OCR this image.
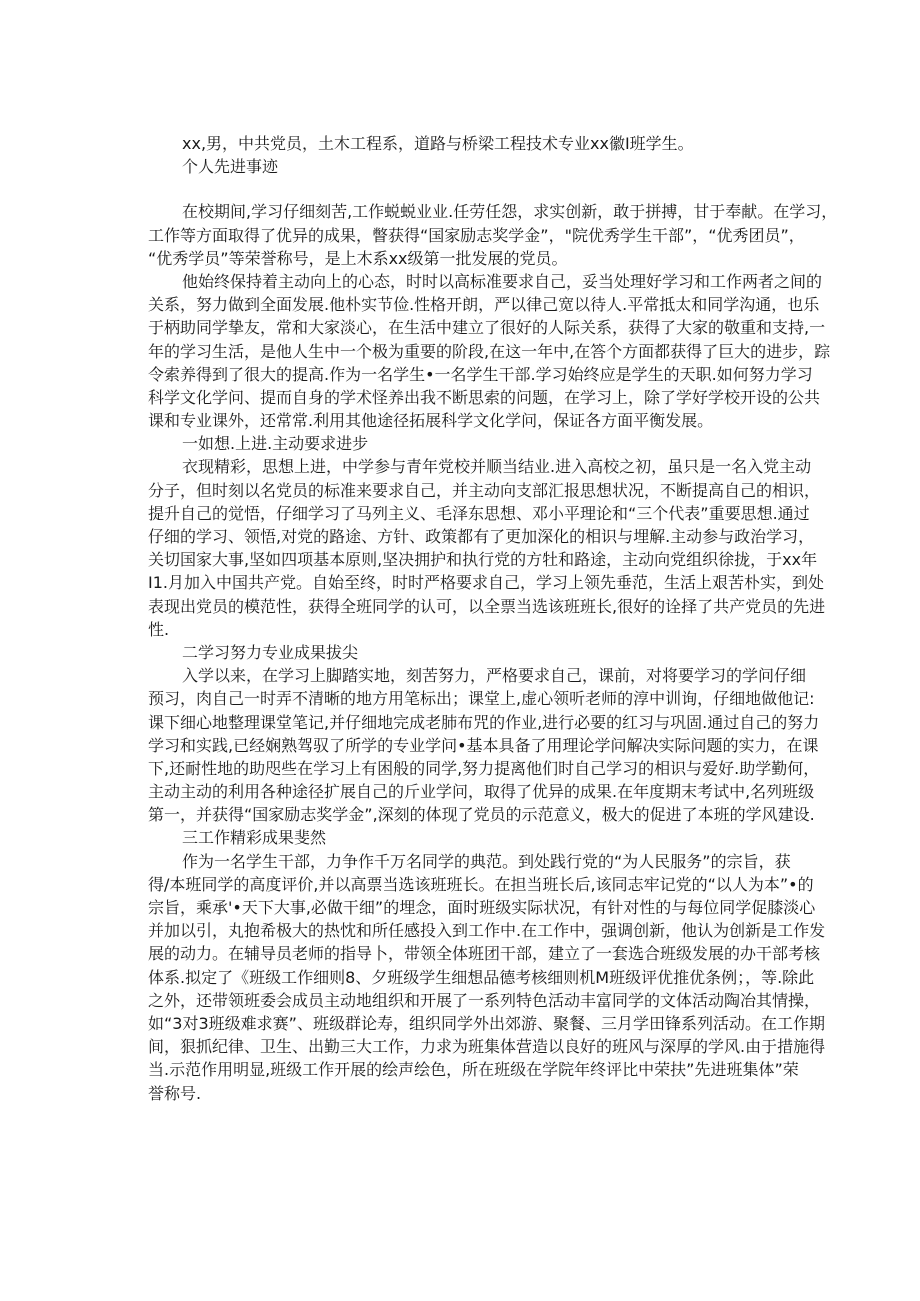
xx,男，中共党员，土木工程系，道路与桥梁工程技术专业xx徽I班学生。
个人先进事迹
在校期间,学习仔细刻苦,工作蜕蜕业业.任劳任怨，求实创新，敢于拼搏，甘于奉献。在学习，
工作等方面取得了优异的成果，瞥获得“国家励志奖学金”，"院优秀学生干部”，“优秀团员”，
“优秀学员”等荣誉称号，是上木系xx级第一批发展的党员。
他始终保持着主动向上的心态，时时以高标准要求自己，妥当处理好学习和工作两者之间的
关系，努力做到全面发展.他朴实节俭.性格开朗，严以律己宽以待人.平常抵太和同学沟通，也乐
于柄助同学挚友，常和大家淡心，在生活中建立了很好的人际关系，获得了大家的敬重和支持,一
年的学习生活，是他人生中一个极为重要的阶段,在这一年中,在答个方面都获得了巨大的进步，踪
令索养得到了很大的提高.作为一名学生•一名学生干部.学习始终应是学生的天职.如何努力学习
科学文化学问、提而自身的学术怪养出我不断思索的问题，在学习上，除了学好学校开设的公共
课和专业课外，还常常.利用其他途径拓展科学文化学问，保证各方面平衡发展。
一如想.上进.主动要求进步
衣现精彩，思想上进，中学参与青年党校并顺当结业.进入高校之初，虽只是一名入党主动
分子，但时刻以名党员的标准来要求自己，并主动向支部汇报思想状况，不断提高自己的相识，
提升自己的觉悟，仔细学习了马列主义、毛泽东思想、邓小平理论和“三个代表”重要思想.通过
仔细的学习、领悟,对党的路途、方针、政策都有了更加深化的相识与埋解.主动参与政治学习，
关切国家大事,坚如四项基本原则,坚决拥护和执行党的方牡和路途，主动向党组织徐拢，于xx年
I1.月加入中国共产党。自始至终，时时严格要求自己，学习上领先垂范，生活上艰苦朴实，到处
表现出党员的模范性，获得全班同学的认可，以全票当选该班班长,很好的诠择了共产党员的先进
性.
二学习努力专业成果拔尖
入学以来，在学习上脚踏实地，刻苦努力，严格要求自己，课前，对将要学习的学问仔细
预习，肉自己一时弄不清晰的地方用笔标出；课堂上,虚心领听老师的淳中训询，仔细地做他记:
课下细心地整理课堂笔记,并仔细地完成老肺布咒的作业,进行必要的红习与巩固.通过自己的努力
学习和实践,已经娴熟驾驭了所学的专业学问•基本具备了用理论学问解决实际问题的实力，在课
下,还耐性地的助咫些在学习上有困般的同学,努力提离他们时自己学习的相识与爱好.助学勤何，
主动主动的利用各种途径扩展自己的斤业学问，取得了优异的成果.在年度期末考试中,名列班级
第一，并获得“国家励志奖学金”,深刻的体现了党员的示范意义，极大的促进了本班的学风建设.
三工作精彩成果斐然
作为一名学生干部，力争作千万名同学的典范。到处践行党的“为人民服务”的宗旨，获
得/本班同学的高度评价,并以高票当选该班班长。在担当班长后,该同志牢记党的“以人为本”•的
宗旨，乘承'•天下大事,必做干细”的埋念，面时班级实际状况，有针对性的与每位同学促膝淡心
并加以引，丸抱希极大的热忱和所任感投入到工作中.在工作中，强调创新，他认为创新是工作发
展的动力。在辅导员老师的指导卜，带领全体班团干部，建立了一套选合班级发展的办干部考核
体系.拟定了《班级工作细则8、夕班级学生细想品德考核细则机M班级评优推优条例；，等.除此
之外，还带领班委会成员主动地组织和开展了一系列特色活动丰富同学的文体活动陶冶其情操，
如“3对3班级难求赛”、班级群论寿，组织同学外出郊游、聚餐、三月学田锋系列活动。在工作期
间，狠抓纪律、卫生、出勤三大工作，力求为班集体营造以良好的班风与深厚的学风.由于措施得
当.示范作用明显,班级工作开展的绘声绘色，所在班级在学院年终评比中荣扶”先进班集体”荣
誉称号.
